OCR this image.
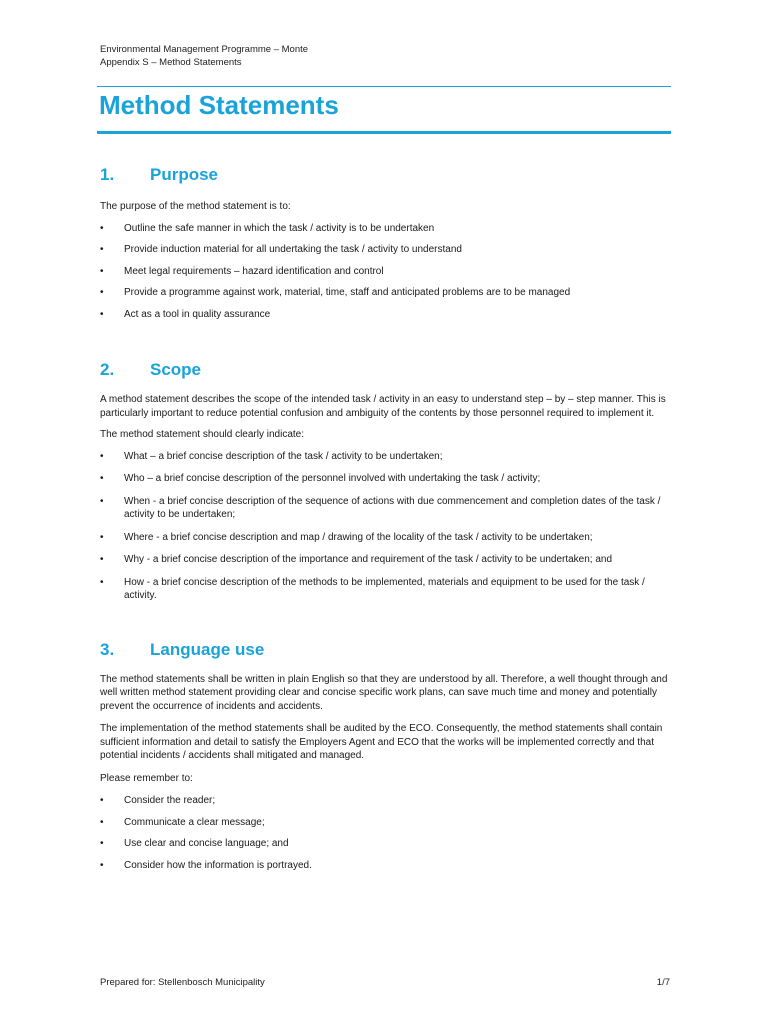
Environmental Management Programme – Monte
Appendix S – Method Statements
Method Statements
1.	Purpose

The purpose of the method statement is to:

•	Outline the safe manner in which the task / activity is to be undertaken
•	Provide induction material for all undertaking the task / activity to understand
•	Meet legal requirements – hazard identification and control
•	Provide a programme against work, material, time, staff and anticipated problems are to be managed
•	Act as a tool in quality assurance
2.	Scope

A method statement describes the scope of the intended task / activity in an easy to understand step – by – step manner. This is particularly important to reduce potential confusion and ambiguity of the contents by those personnel required to implement it.

The method statement should clearly indicate:

•	What – a brief concise description of the task / activity to be undertaken;
•	Who – a brief concise description of the personnel involved with undertaking the task / activity;
•	When - a brief concise description of the sequence of actions with due commencement and completion dates of the task / activity to be undertaken;
•	Where - a brief concise description and map / drawing of the locality of the task / activity to be undertaken;
•	Why - a brief concise description of the importance and requirement of the task / activity to be undertaken; and
•	How - a brief concise description of the methods to be implemented, materials and equipment to be used for the task / activity.
3.	Language use

The method statements shall be written in plain English so that they are understood by all. Therefore, a well thought through and well written method statement providing clear and concise specific work plans, can save much time and money and potentially prevent the occurrence of incidents and accidents.

The implementation of the method statements shall be audited by the ECO. Consequently, the method statements shall contain sufficient information and detail to satisfy the Employers Agent and ECO that the works will be implemented correctly and that potential incidents / accidents shall mitigated and managed.

Please remember to:

•	Consider the reader;
•	Communicate a clear message;
•	Use clear and concise language; and
•	Consider how the information is portrayed.
Prepared for: Stellenbosch Municipality	1/7
